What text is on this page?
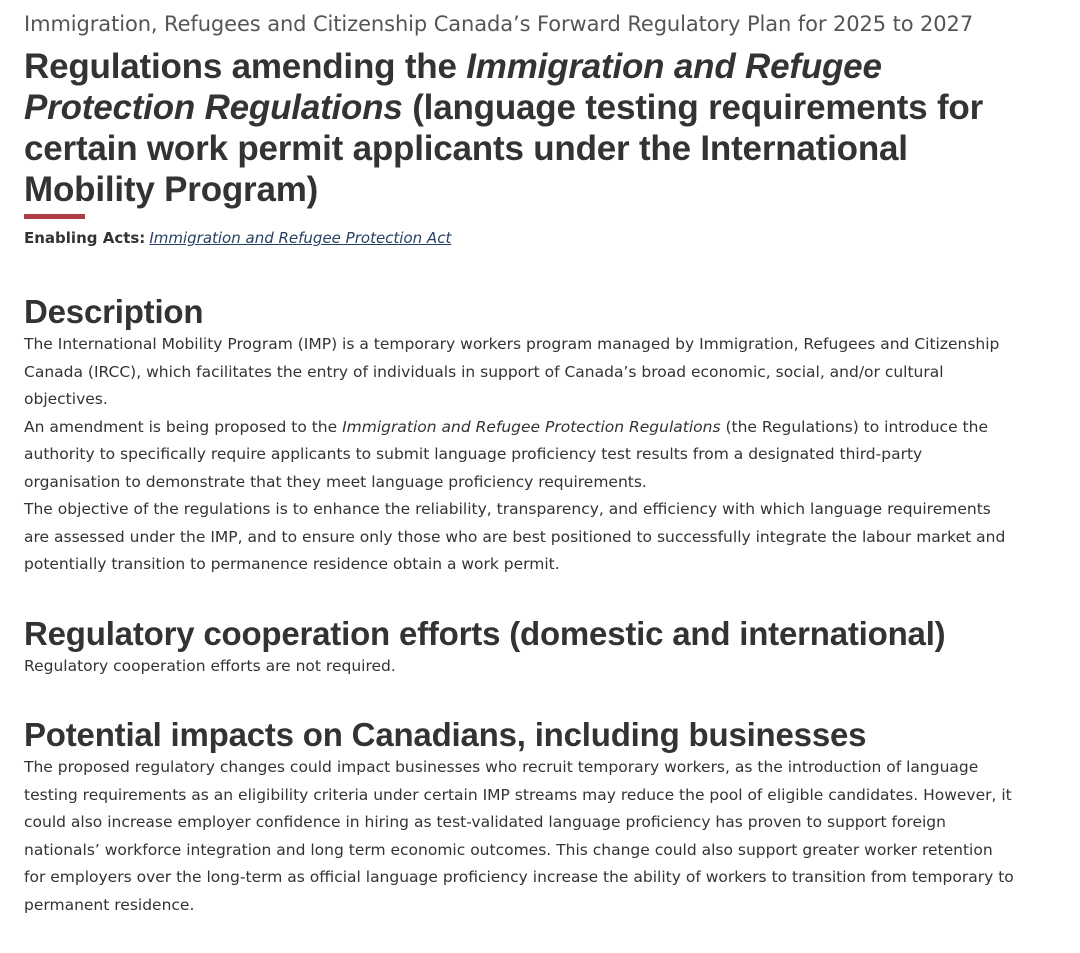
Immigration, Refugees and Citizenship Canada’s Forward Regulatory Plan for 2025 to 2027

Regulations amending the Immigration and Refugee Protection Regulations (language testing requirements for certain work permit applicants under the International Mobility Program)
Enabling Acts: Immigration and Refugee Protection Act
Description

The International Mobility Program (IMP) is a temporary workers program managed by Immigration, Refugees and Citizenship Canada (IRCC), which facilitates the entry of individuals in support of Canada’s broad economic, social, and/or cultural objectives.

An amendment is being proposed to the Immigration and Refugee Protection Regulations (the Regulations) to introduce the authority to specifically require applicants to submit language proficiency test results from a designated third-party organisation to demonstrate that they meet language proficiency requirements.

The objective of the regulations is to enhance the reliability, transparency, and efficiency with which language requirements are assessed under the IMP, and to ensure only those who are best positioned to successfully integrate the labour market and potentially transition to permanence residence obtain a work permit.

Regulatory cooperation efforts (domestic and international)

Regulatory cooperation efforts are not required.

Potential impacts on Canadians, including businesses

The proposed regulatory changes could impact businesses who recruit temporary workers, as the introduction of language testing requirements as an eligibility criteria under certain IMP streams may reduce the pool of eligible candidates. However, it could also increase employer confidence in hiring as test-validated language proficiency has proven to support foreign nationals’ workforce integration and long term economic outcomes. This change could also support greater worker retention for employers over the long-term as official language proficiency increase the ability of workers to transition from temporary to permanent residence.
